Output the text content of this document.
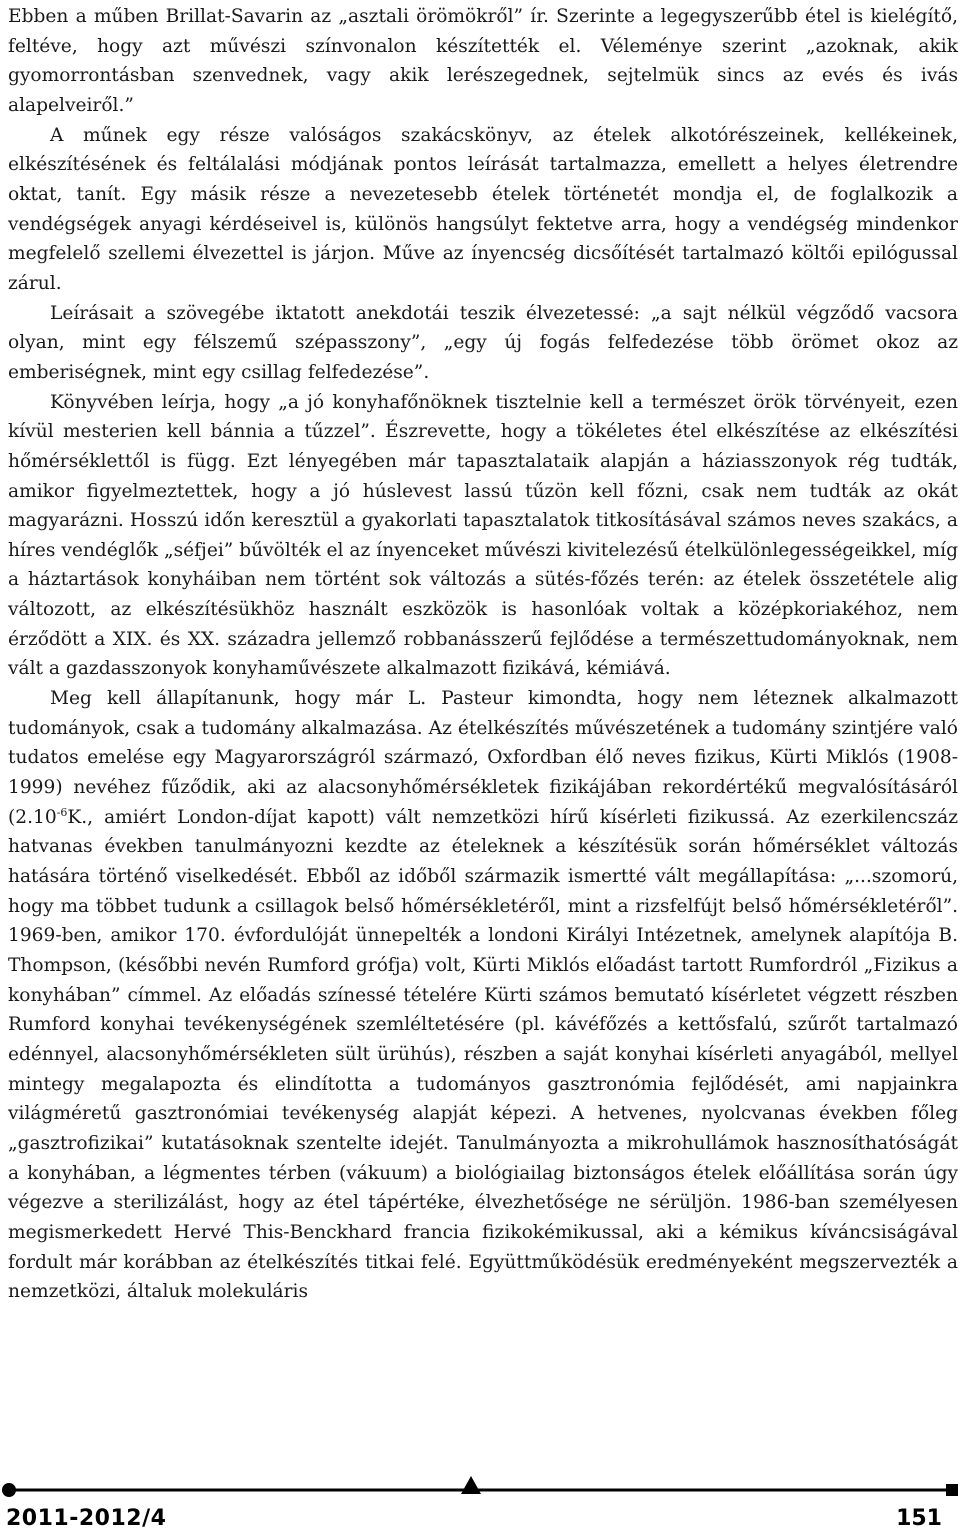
Ebben a műben Brillat-Savarin az „asztali örömökről” ír. Szerinte a legegyszerűbb étel is kielégítő, feltéve, hogy azt művészi színvonalon készítették el. Véleménye szerint „azoknak, akik gyomorrontásban szenvednek, vagy akik lerészegednek, sejtelmük sincs az evés és ivás alapelveiről.”

A műnek egy része valóságos szakácskönyv, az ételek alkotórészeinek, kellékeinek, elkészítésének és feltálalási módjának pontos leírását tartalmazza, emellett a helyes életrendre oktat, tanít. Egy másik része a nevezetesebb ételek történetét mondja el, de foglalkozik a vendégségek anyagi kérdéseivel is, különös hangsúlyt fektetve arra, hogy a vendégség mindenkor megfelelő szellemi élvezettel is járjon. Műve az ínyencség dicsőítését tartalmazó költői epilógussal zárul.

Leírásait a szövegébe iktatott anekdotái teszik élvezetessé: „a sajt nélkül végződő vacsora olyan, mint egy félszemű szépasszony”, „egy új fogás felfedezése több örömet okoz az emberiségnek, mint egy csillag felfedezése”.

Könyvében leírja, hogy „a jó konyhafőnöknek tisztelnie kell a természet örök törvényeit, ezen kívül mesterien kell bánnia a tűzzel”. Észrevette, hogy a tökéletes étel elkészítése az elkészítési hőmérséklettől is függ. Ezt lényegében már tapasztalataik alapján a háziasszonyok rég tudták, amikor figyelmeztettek, hogy a jó húslevest lassú tűzön kell főzni, csak nem tudták az okát magyarázni. Hosszú időn keresztül a gyakorlati tapasztalatok titkosításával számos neves szakács, a híres vendéglők „séfjei” bűvölték el az ínyenceket művészi kivitelezésű ételkülönlegességeikkel, míg a háztartások konyháiban nem történt sok változás a sütés-főzés terén: az ételek összetétele alig változott, az elkészítésükhöz használt eszközök is hasonlóak voltak a középkoriakéhoz, nem érződött a XIX. és XX. századra jellemző robbanásszerű fejlődése a természettudományoknak, nem vált a gazdasszonyok konyhaművészete alkalmazott fizikává, kémiává.

Meg kell állapítanunk, hogy már L. Pasteur kimondta, hogy nem léteznek alkalmazott tudományok, csak a tudomány alkalmazása. Az ételkészítés művészetének a tudomány szintjére való tudatos emelése egy Magyarországról származó, Oxfordban élő neves fizikus, Kürti Miklós (1908-1999) nevéhez fűződik, aki az alacsonyhőmérsékletek fizikájában rekordértékű megvalósításáról ($2.10^{-6}K$., amiért London-díjat kapott) vált nemzetközi hírű kísérleti fizikussá. Az ezerkilencszáz hatvanas években tanulmányozni kezdte az ételeknek a készítésük során hőmérséklet változás hatására történő viselkedését. Ebből az időből származik ismertté vált megállapítása: „...szomorú, hogy ma többet tudunk a csillagok belső hőmérsékletéről, mint a rizsfelfújt belső hőmérsékletéről”. 1969-ben, amikor 170. évfordulóját ünnepelték a londoni Királyi Intézetnek, amelynek alapítója B. Thompson, (későbbi nevén Rumford grófja) volt, Kürti Miklós előadást tartott Rumfordról „Fizikus a konyhában” címmel. Az előadás színessé tételére Kürti számos bemutató kísérletet végzett részben Rumford konyhai tevékenységének szemléltetésére (pl. kávéfőzés a kettősfalú, szűrőt tartalmazó edénnyel, alacsonyhőmérsékleten sült ürühús), részben a saját konyhai kísérleti anyagából, mellyel mintegy megalapozta és elindította a tudományos gasztronómia fejlődését, ami napjainkra világméretű gasztronómiai tevékenység alapját képezi. A hetvenes, nyolcvanas években főleg „gasztrofizikai” kutatásoknak szentelte idejét. Tanulmányozta a mikrohullámok hasznosíthatóságát a konyhában, a légmentes térben (vákuum) a biológiailag biztonságos ételek előállítása során úgy végezve a sterilizálást, hogy az étel tápértéke, élvezhetősége ne sérüljön. 1986-ban személyesen megismerkedett Hervé This-Benckhard francia fizikokémikussal, aki a kémikus kíváncsiságával fordult már korábban az ételkészítés titkai felé. Együttműködésük eredményeként megszervezték a nemzetközi, általuk molekuláris

2011-2012/4	151
